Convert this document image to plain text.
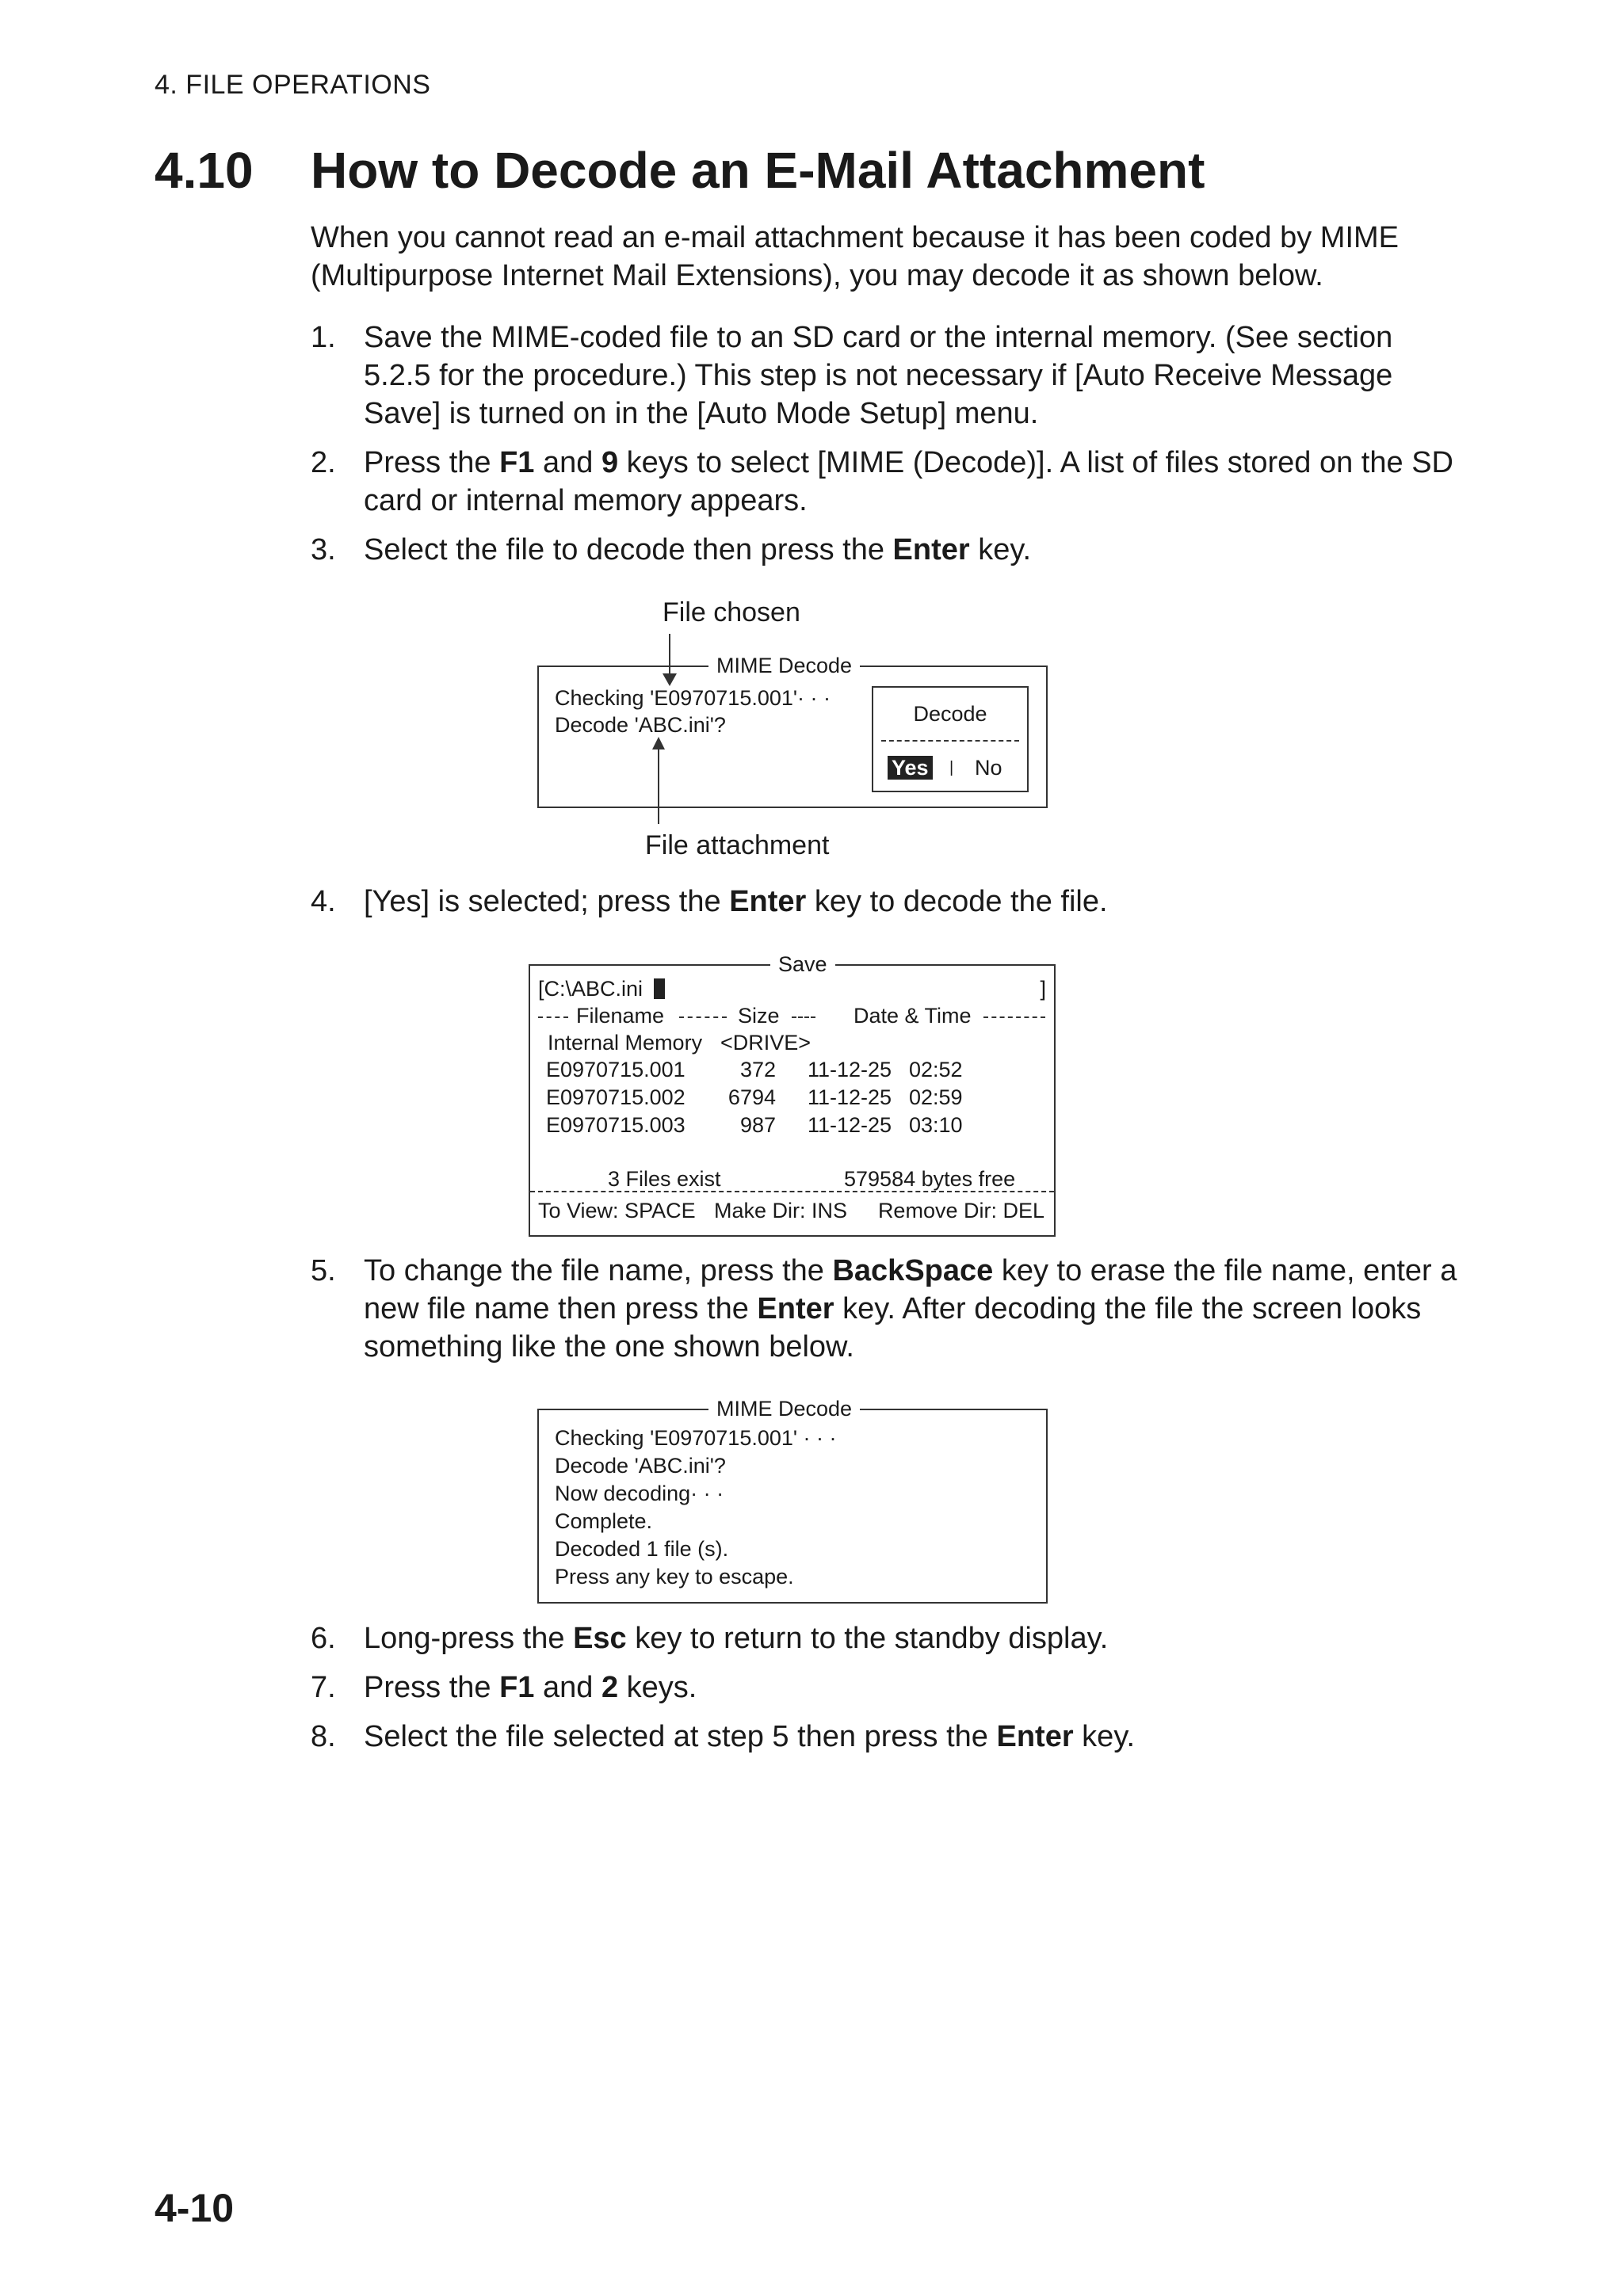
4. FILE OPERATIONS
4.10 How to Decode an E-Mail Attachment
When you cannot read an e-mail attachment because it has been coded by MIME (Multipurpose Internet Mail Extensions), you may decode it as shown below.
1. Save the MIME-coded file to an SD card or the internal memory. (See section 5.2.5 for the procedure.) This step is not necessary if [Auto Receive Message Save] is turned on in the [Auto Mode Setup] menu.
2. Press the F1 and 9 keys to select [MIME (Decode)]. A list of files stored on the SD card or internal memory appears.
3. Select the file to decode then press the Enter key.
File chosen
MIME Decode
Checking 'E0970715.001'· · ·
Decode 'ABC.ini'?	Decode
Yes | No
File attachment
4. [Yes] is selected; press the Enter key to decode the file.
Save
[C:\ABC.ini	]
Filename	Size	Date & Time
Internal Memory <DRIVE>
E0970715.001	372 11-12-25 02:52
E0970715.002	6794 11-12-25 02:59
E0970715.003	987 11-12-25 03:10
3 Files exist	579584 bytes free
To View: SPACE Make Dir: INS Remove Dir: DEL
5. To change the file name, press the BackSpace key to erase the file name, enter a new file name then press the Enter key. After decoding the file the screen looks something like the one shown below.
MIME Decode
Checking 'E0970715.001' · · ·
Decode 'ABC.ini'?
Now decoding· · ·
Complete.
Decoded 1 file (s).
Press any key to escape.
6. Long-press the Esc key to return to the standby display.
7. Press the F1 and 2 keys.
8. Select the file selected at step 5 then press the Enter key.
4-10
